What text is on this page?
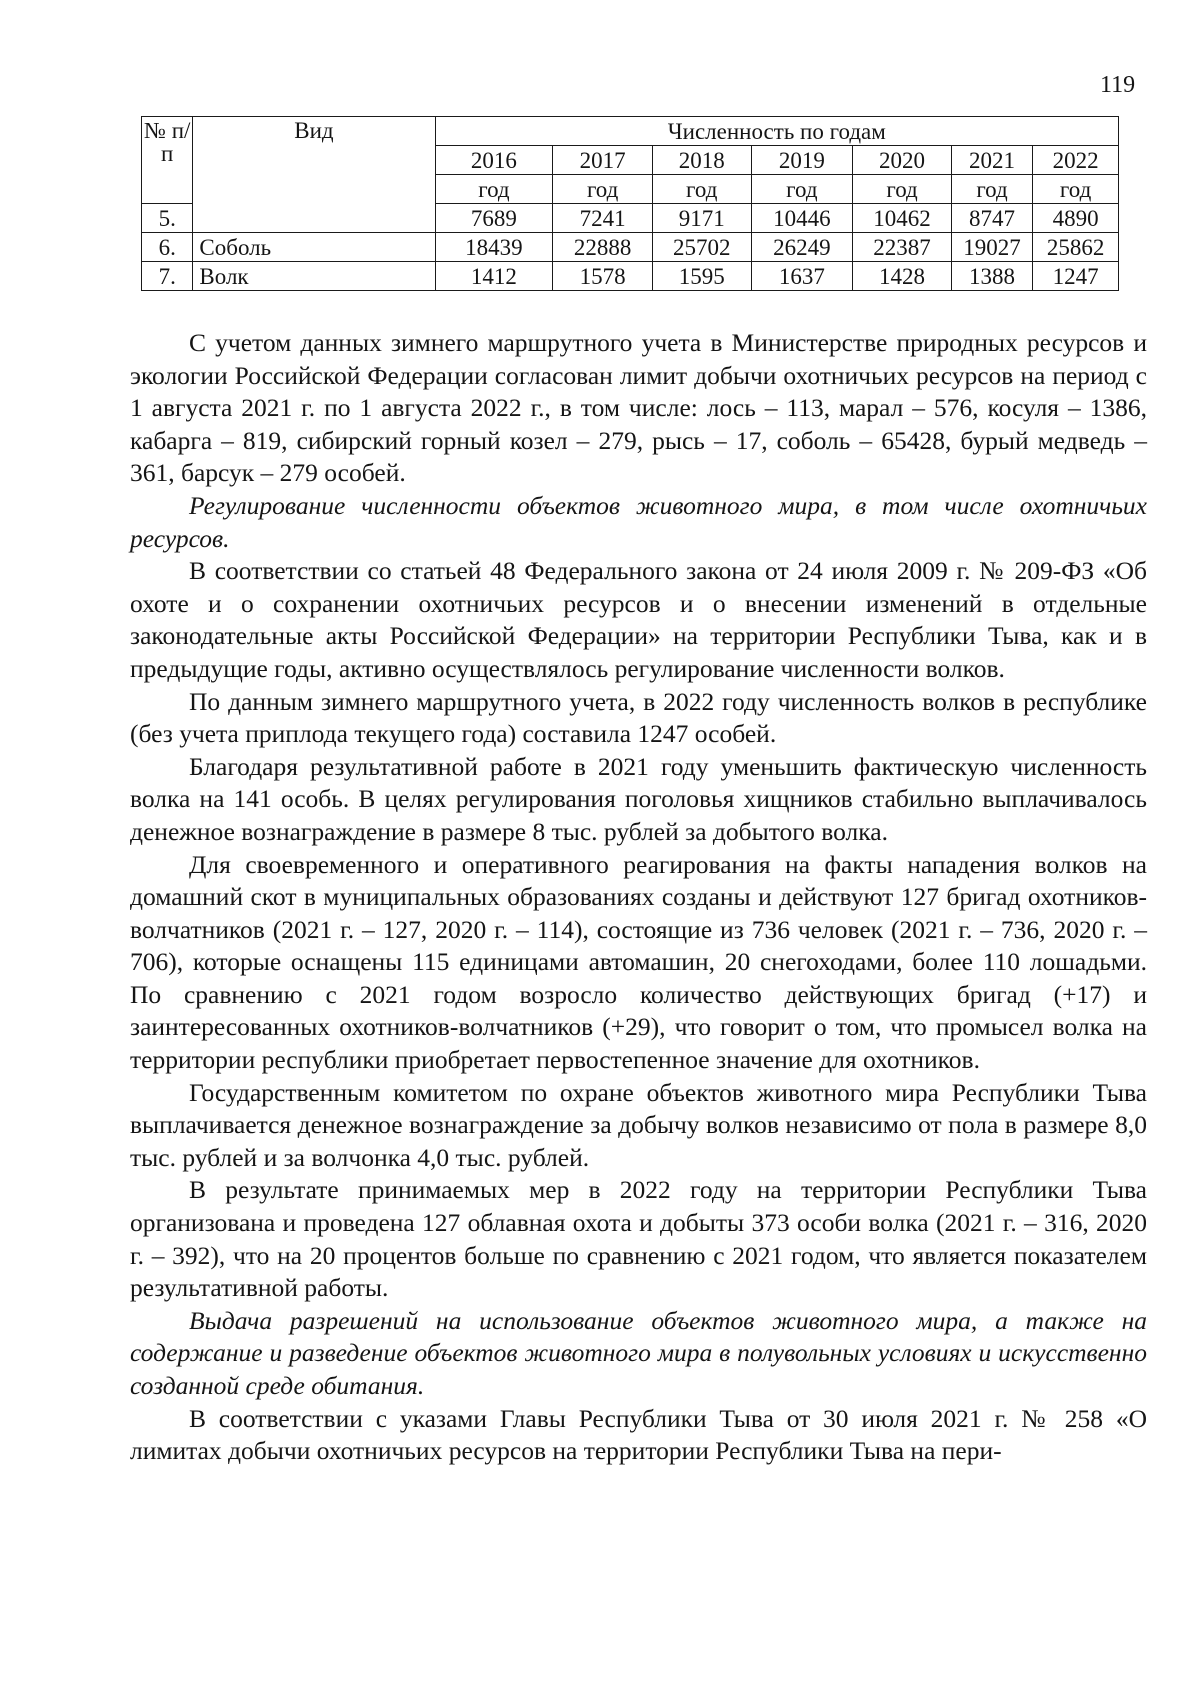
119
№ п/п	Вид	Численность по годам						
		2016	2017	2018	2019	2020	2021	2022
		год	год	год	год	год	год	год
5.		7689	7241	9171	10446	10462	8747	4890
6.	Соболь	18439	22888	25702	26249	22387	19027	25862
7.	Волк	1412	1578	1595	1637	1428	1388	1247

С учетом данных зимнего маршрутного учета в Министерстве природных ресурсов и экологии Российской Федерации согласован лимит добычи охотничьих ресурсов на период с 1 августа 2021 г. по 1 августа 2022 г., в том числе: лось – 113, марал – 576, косуля – 1386, кабарга – 819, сибирский горный козел – 279, рысь – 17, соболь – 65428, бурый медведь – 361, барсук – 279 особей.

Регулирование численности объектов животного мира, в том числе охотничьих ресурсов.

В соответствии со статьей 48 Федерального закона от 24 июля 2009 г. № 209-ФЗ «Об охоте и о сохранении охотничьих ресурсов и о внесении изменений в отдельные законодательные акты Российской Федерации» на территории Республики Тыва, как и в предыдущие годы, активно осуществлялось регулирование численности волков.

По данным зимнего маршрутного учета, в 2022 году численность волков в республике (без учета приплода текущего года) составила 1247 особей.

Благодаря результативной работе в 2021 году уменьшить фактическую численность волка на 141 особь. В целях регулирования поголовья хищников стабильно выплачивалось денежное вознаграждение в размере 8 тыс. рублей за добытого волка.

Для своевременного и оперативного реагирования на факты нападения волков на домашний скот в муниципальных образованиях созданы и действуют 127 бригад охотников-волчатников (2021 г. – 127, 2020 г. – 114), состоящие из 736 человек (2021 г. – 736, 2020 г. – 706), которые оснащены 115 единицами автомашин, 20 снегоходами, более 110 лошадьми. По сравнению с 2021 годом возросло количество действующих бригад (+17) и заинтересованных охотников-волчатников (+29), что говорит о том, что промысел волка на территории республики приобретает первостепенное значение для охотников.

Государственным комитетом по охране объектов животного мира Республики Тыва выплачивается денежное вознаграждение за добычу волков независимо от пола в размере 8,0 тыс. рублей и за волчонка 4,0 тыс. рублей.

В результате принимаемых мер в 2022 году на территории Республики Тыва организована и проведена 127 облавная охота и добыты 373 особи волка (2021 г. – 316, 2020 г. – 392), что на 20 процентов больше по сравнению с 2021 годом, что является показателем результативной работы.

Выдача разрешений на использование объектов животного мира, а также на содержание и разведение объектов животного мира в полувольных условиях и искусственно созданной среде обитания.

В соответствии с указами Главы Республики Тыва от 30 июля 2021 г. № 258 «О лимитах добычи охотничьих ресурсов на территории Республики Тыва на пери-
